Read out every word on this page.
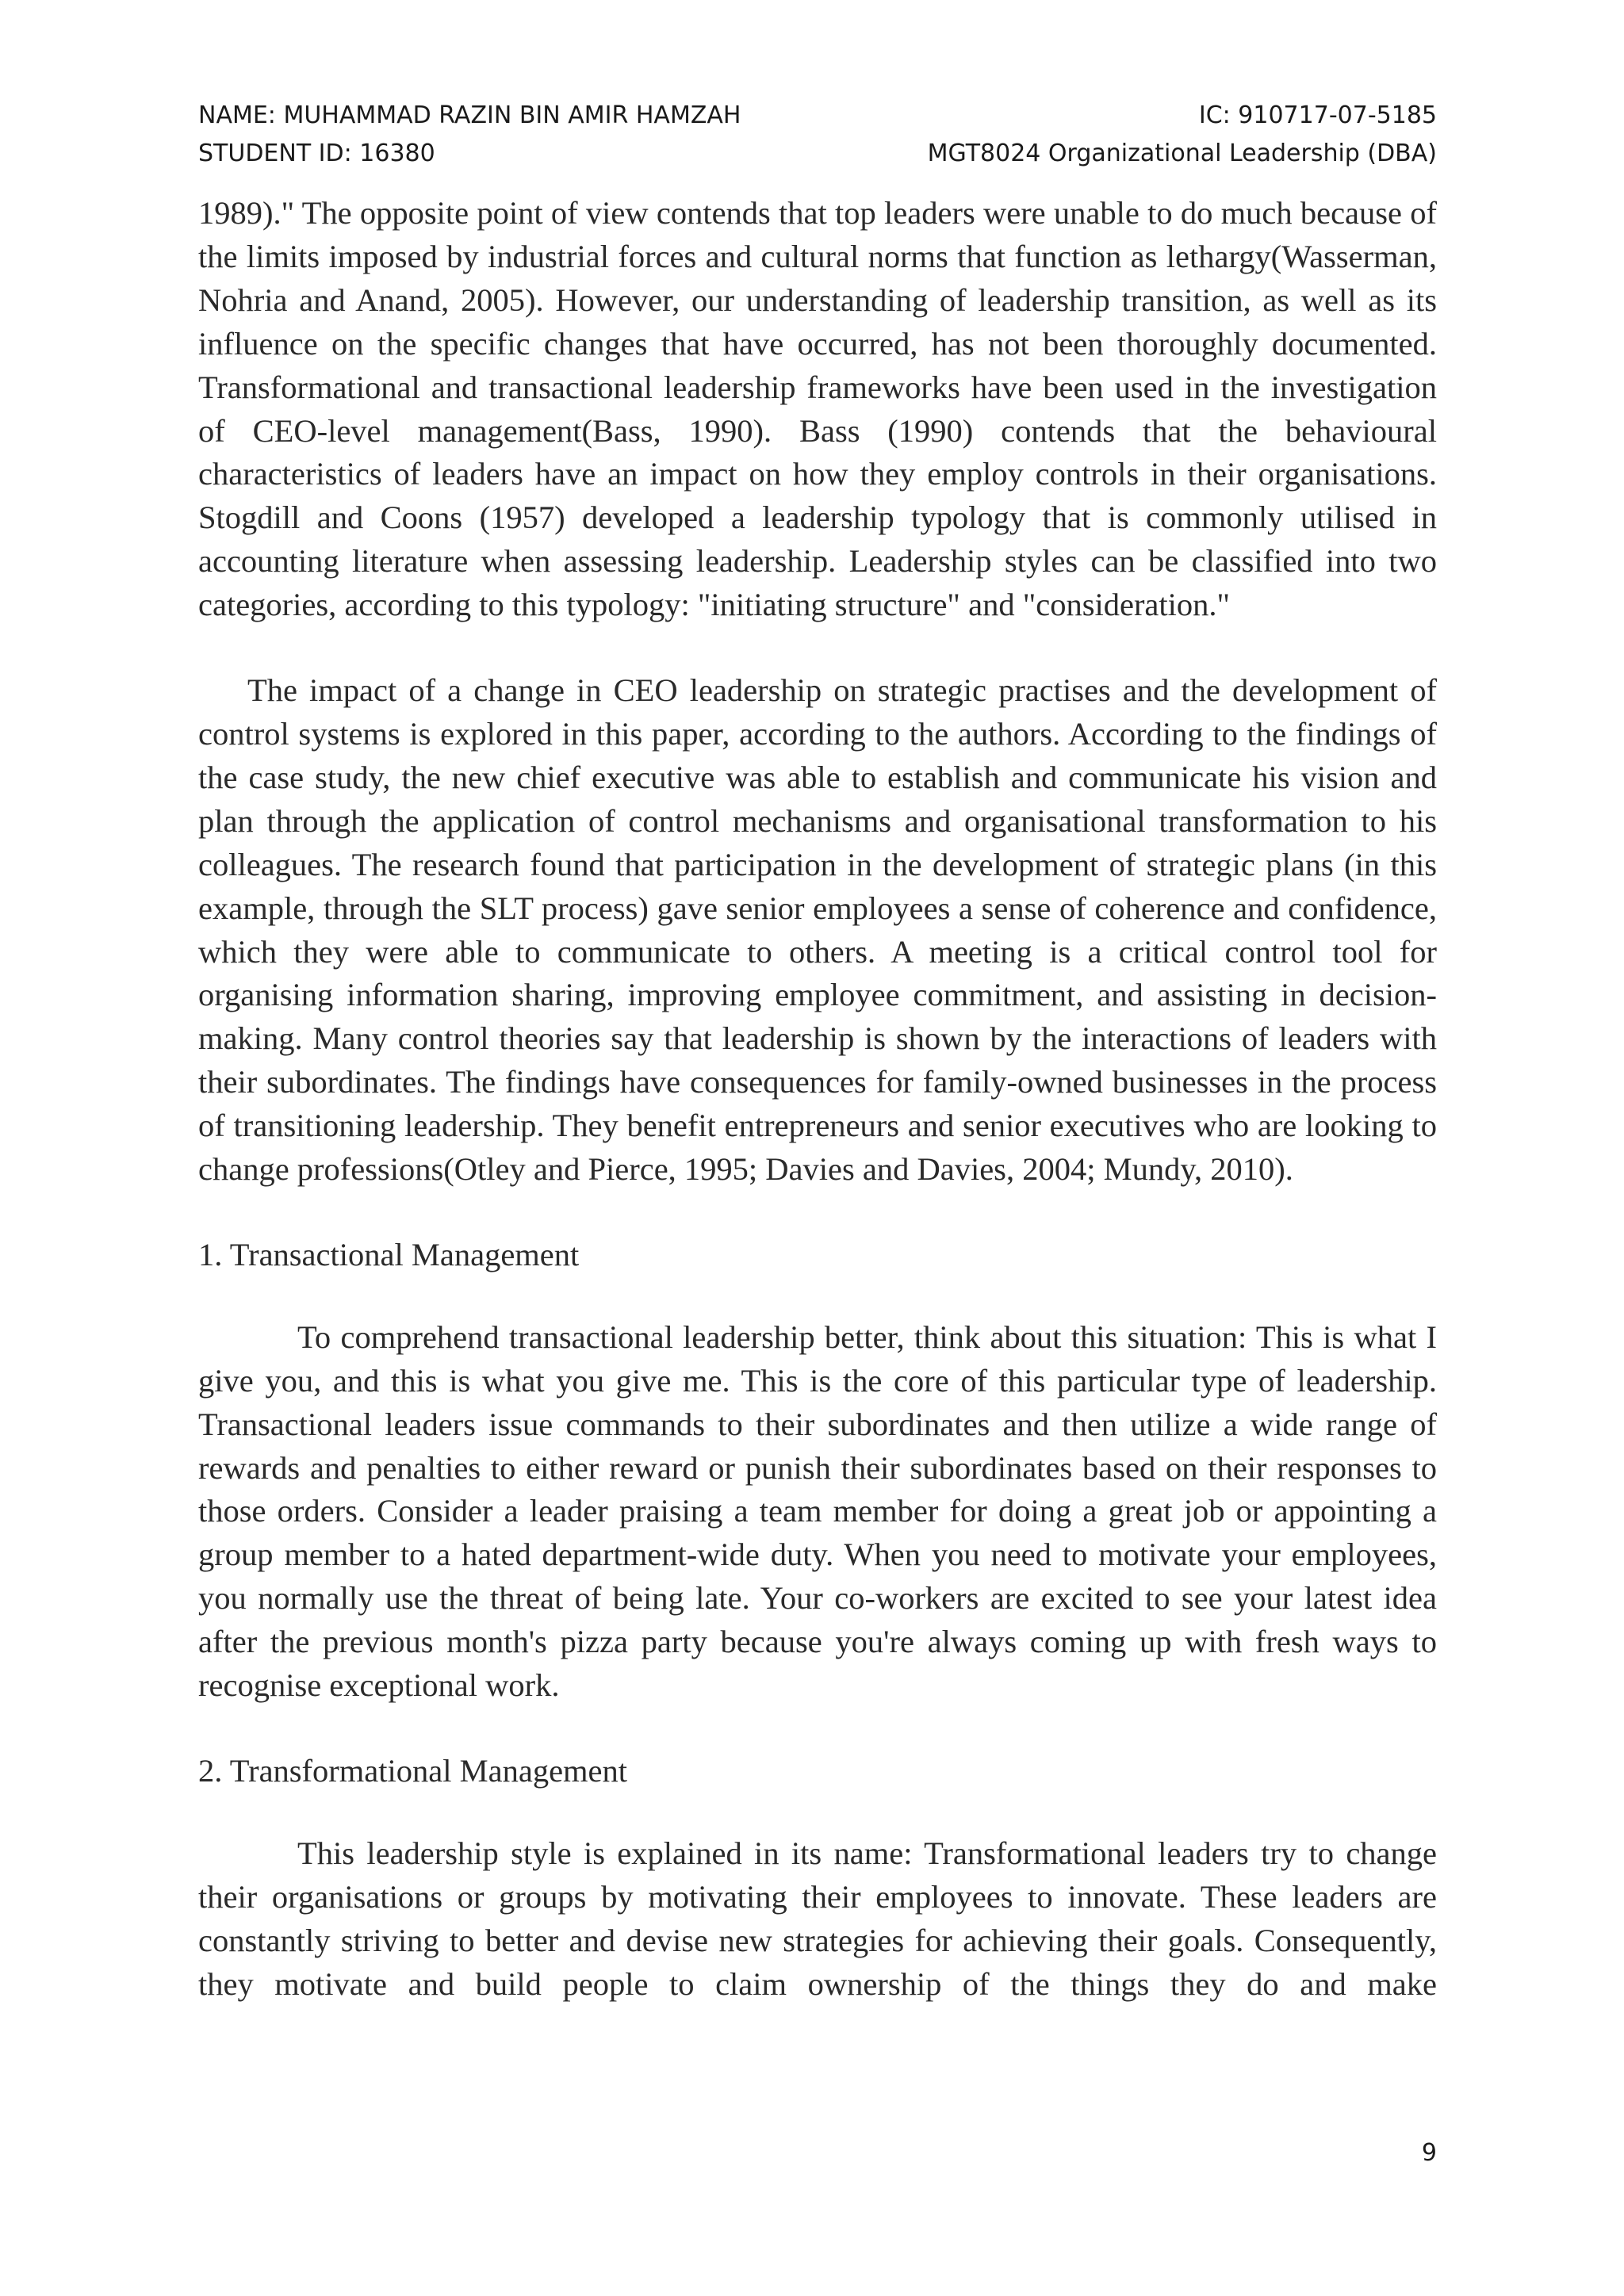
NAME: MUHAMMAD RAZIN BIN AMIR HAMZAH	IC: 910717-07-5185
STUDENT ID: 16380	MGT8024 Organizational Leadership (DBA)

1989)." The opposite point of view contends that top leaders were unable to do much because of the limits imposed by industrial forces and cultural norms that function as lethargy(Wasserman, Nohria and Anand, 2005). However, our understanding of leadership transition, as well as its influence on the specific changes that have occurred, has not been thoroughly documented. Transformational and transactional leadership frameworks have been used in the investigation of CEO-level management(Bass, 1990). Bass (1990) contends that the behavioural characteristics of leaders have an impact on how they employ controls in their organisations. Stogdill and Coons (1957) developed a leadership typology that is commonly utilised in accounting literature when assessing leadership. Leadership styles can be classified into two categories, according to this typology: "initiating structure" and "consideration."

The impact of a change in CEO leadership on strategic practises and the development of control systems is explored in this paper, according to the authors. According to the findings of the case study, the new chief executive was able to establish and communicate his vision and plan through the application of control mechanisms and organisational transformation to his colleagues. The research found that participation in the development of strategic plans (in this example, through the SLT process) gave senior employees a sense of coherence and confidence, which they were able to communicate to others. A meeting is a critical control tool for organising information sharing, improving employee commitment, and assisting in decision-making. Many control theories say that leadership is shown by the interactions of leaders with their subordinates. The findings have consequences for family-owned businesses in the process of transitioning leadership. They benefit entrepreneurs and senior executives who are looking to change professions(Otley and Pierce, 1995; Davies and Davies, 2004; Mundy, 2010).

1. Transactional Management

To comprehend transactional leadership better, think about this situation: This is what I give you, and this is what you give me. This is the core of this particular type of leadership. Transactional leaders issue commands to their subordinates and then utilize a wide range of rewards and penalties to either reward or punish their subordinates based on their responses to those orders. Consider a leader praising a team member for doing a great job or appointing a group member to a hated department-wide duty. When you need to motivate your employees, you normally use the threat of being late. Your co-workers are excited to see your latest idea after the previous month's pizza party because you're always coming up with fresh ways to recognise exceptional work.

2. Transformational Management

This leadership style is explained in its name: Transformational leaders try to change their organisations or groups by motivating their employees to innovate. These leaders are constantly striving to better and devise new strategies for achieving their goals. Consequently, they motivate and build people to claim ownership of the things they do and make

9
